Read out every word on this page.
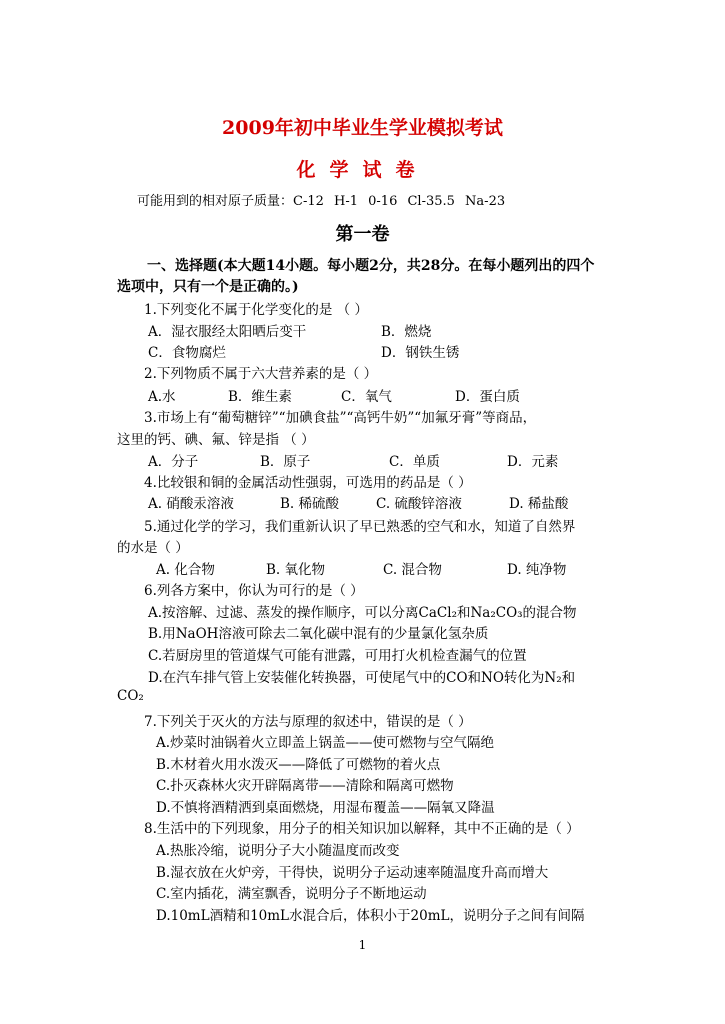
2009年初中毕业生学业模拟考试
化学试卷
可能用到的相对原子质量：C-12 H-1 0-16 Cl-35.5 Na-23
第一卷
一、选择题(本大题14小题。每小题2分，共28分。在每小题列出的四个
选项中，只有一个是正确的。)
1.下列变化不属于化学变化的是 （ ）
A．湿衣服经太阳晒后变干	B．燃烧
C．食物腐烂	D．钢铁生锈
2.下列物质不属于六大营养素的是（ ）
A.水	B．维生素	C．氧气	D．蛋白质
3.市场上有“葡萄糖锌”“加碘食盐”“高钙牛奶”“加氟牙膏”等商品，
这里的钙、碘、氟、锌是指 （ ）
A．分子	B．原子	C．单质	D．元素
4.比较银和铜的金属活动性强弱，可选用的药品是（ ）
A. 硝酸汞溶液	B. 稀硫酸	C. 硫酸锌溶液	D. 稀盐酸
5.通过化学的学习，我们重新认识了早已熟悉的空气和水，知道了自然界
的水是（ ）
A. 化合物	B. 氧化物	C. 混合物	D. 纯净物
6.列各方案中，你认为可行的是（ ）
A.按溶解、过滤、蒸发的操作顺序，可以分离CaCl₂和Na₂CO₃的混合物
B.用NaOH溶液可除去二氧化碳中混有的少量氯化氢杂质
C.若厨房里的管道煤气可能有泄露，可用打火机检查漏气的位置
D.在汽车排气管上安装催化转换器，可使尾气中的CO和NO转化为N₂和
CO₂
7.下列关于灭火的方法与原理的叙述中，错误的是（ ）
A.炒菜时油锅着火立即盖上锅盖——使可燃物与空气隔绝
B.木材着火用水泼灭——降低了可燃物的着火点
C.扑灭森林火灾开辟隔离带——清除和隔离可燃物
D.不慎将酒精洒到桌面燃烧，用湿布覆盖——隔氧又降温
8.生活中的下列现象，用分子的相关知识加以解释，其中不正确的是（ ）
A.热胀冷缩，说明分子大小随温度而改变
B.湿衣放在火炉旁，干得快，说明分子运动速率随温度升高而增大
C.室内插花，满室飘香，说明分子不断地运动
D.10mL酒精和10mL水混合后，体积小于20mL，说明分子之间有间隔
1
